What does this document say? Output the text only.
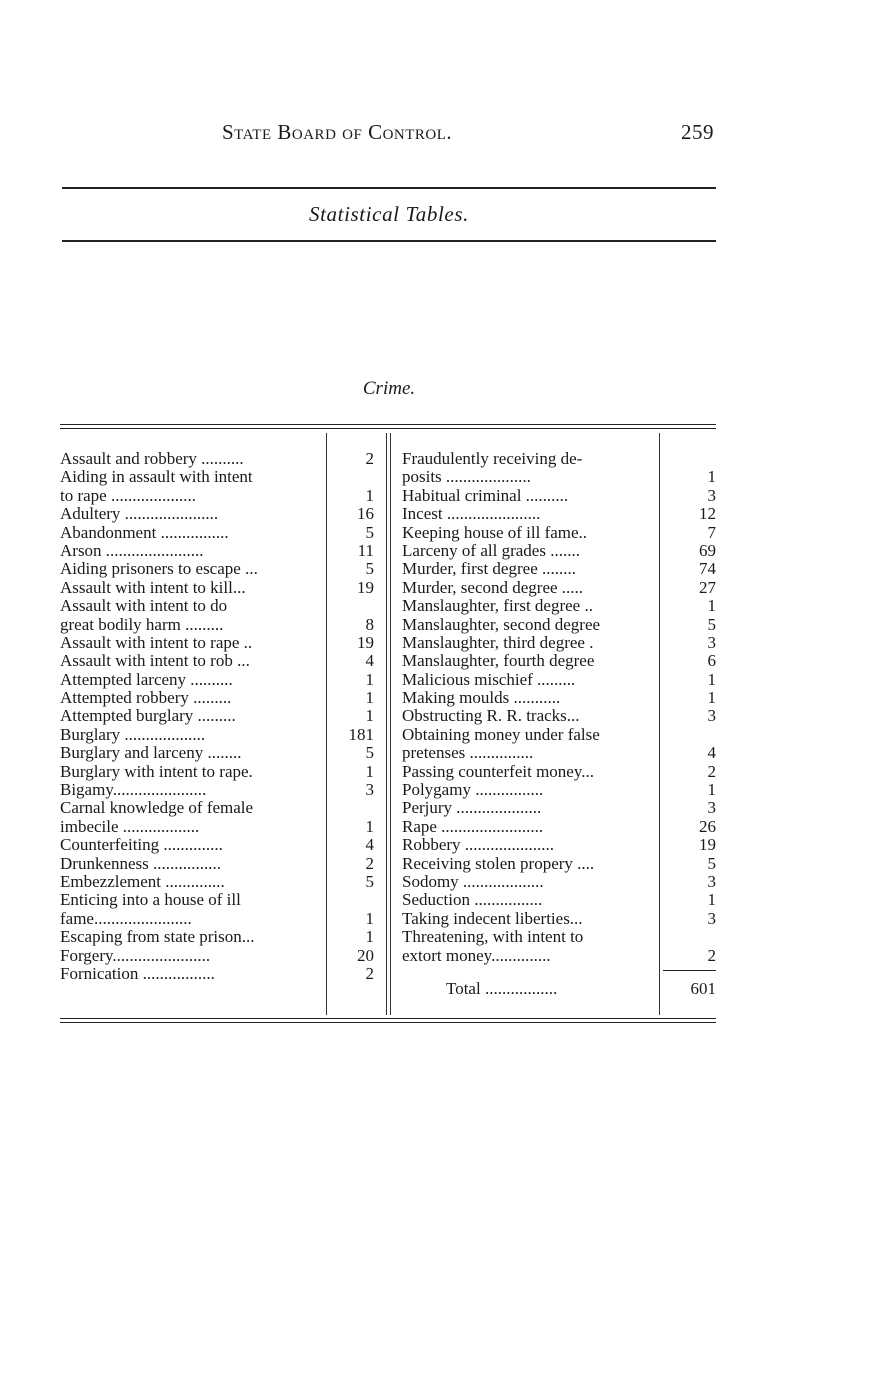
State Board of Control.	259
Statistical Tables.
Crime.
Assault and robbery ..........	2
Aiding in assault with intent
to rape ....................	1
Adultery ......................	16
Abandonment ................	5
Arson .......................	11
Aiding prisoners to escape ...	5
Assault with intent to kill...	19
Assault with intent to do
great bodily harm .........	8
Assault with intent to rape ..	19
Assault with intent to rob ...	4
Attempted larceny ..........	1
Attempted robbery .........	1
Attempted burglary .........	1
Burglary ...................	181
Burglary and larceny ........	5
Burglary with intent to rape.	1
Bigamy......................	3
Carnal knowledge of female
imbecile ..................	1
Counterfeiting ..............	4
Drunkenness ................	2
Embezzlement ..............	5
Enticing into a house of ill
fame.......................	1
Escaping from state prison...	1
Forgery.......................	20
Fornication .................	2
Fraudulently receiving de-
posits ....................	1
Habitual criminal ..........	3
Incest ......................	12
Keeping house of ill fame..	7
Larceny of all grades .......	69
Murder, first degree ........	74
Murder, second degree .....	27
Manslaughter, first degree ..	1
Manslaughter, second degree	5
Manslaughter, third degree .	3
Manslaughter, fourth degree	6
Malicious mischief .........	1
Making moulds ...........	1
Obstructing R. R. tracks...	3
Obtaining money under false
pretenses ...............	4
Passing counterfeit money...	2
Polygamy ................	1
Perjury ....................	3
Rape ........................	26
Robbery .....................	19
Receiving stolen propery ....	5
Sodomy ...................	3
Seduction ................	1
Taking indecent liberties...	3
Threatening, with intent to
extort money..............	2
Total .................	601
